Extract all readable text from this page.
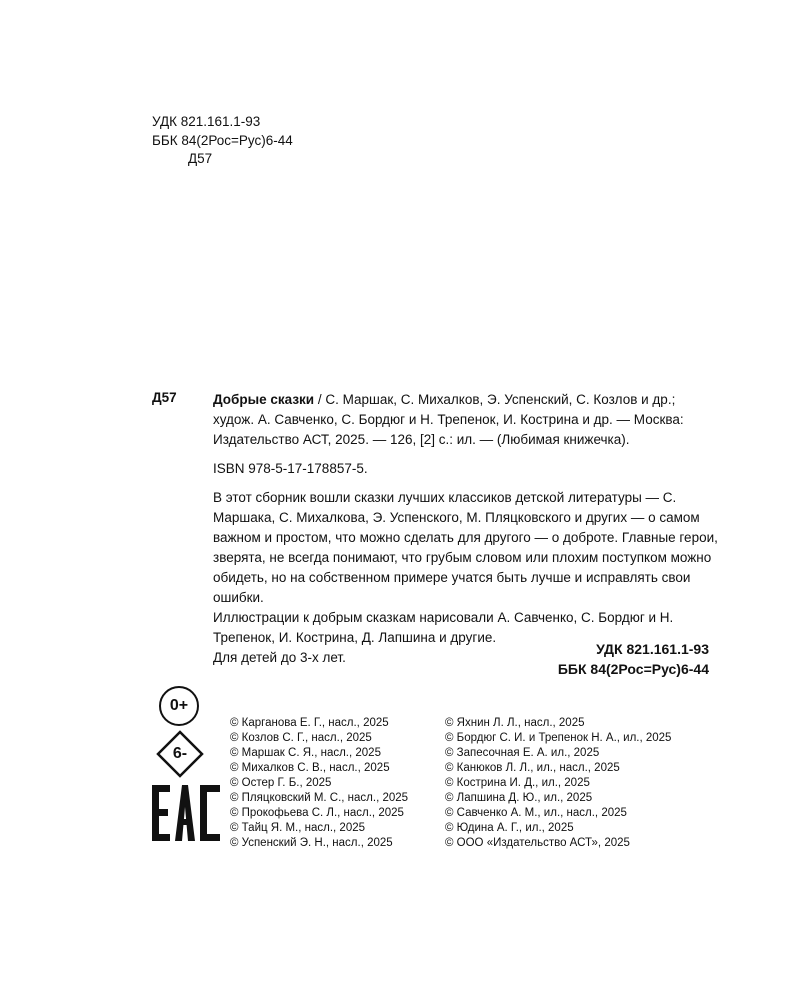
УДК 821.161.1-93
ББК 84(2Рос=Рус)6-44
Д57
Д57	Добрые сказки / С. Маршак, С. Михалков, Э. Успенский, С. Козлов и др.; худож. А. Савченко, С. Бордюг и Н. Трепенок, И. Кострина и др. — Москва: Издательство АСТ, 2025. — 126, [2] с.: ил. — (Любимая книжечка).

ISBN 978-5-17-178857-5.

В этот сборник вошли сказки лучших классиков детской литературы — С. Маршака, С. Михалкова, Э. Успенского, М. Пляцковского и других — о самом важном и простом, что можно сделать для другого — о доброте. Главные герои, зверята, не всегда понимают, что грубым словом или плохим поступком можно обидеть, но на собственном примере учатся быть лучше и исправлять свои ошибки.

Иллюстрации к добрым сказкам нарисовали А. Савченко, С. Бордюг и Н. Трепенок, И. Кострина, Д. Лапшина и другие.

Для детей до 3-х лет.

УДК 821.161.1-93
ББК 84(2Рос=Рус)6-44
0+
6-
© Карганова Е. Г., насл., 2025
© Козлов С. Г., насл., 2025
© Маршак С. Я., насл., 2025
© Михалков С. В., насл., 2025
© Остер Г. Б., 2025
© Пляцковский М. С., насл., 2025
© Прокофьева С. Л., насл., 2025
© Тайц Я. М., насл., 2025
© Успенский Э. Н., насл., 2025
© Яхнин Л. Л., насл., 2025
© Бордюг С. И. и Трепенок Н. А., ил., 2025
© Запесочная Е. А. ил., 2025
© Канюков Л. Л., ил., насл., 2025
© Кострина И. Д., ил., 2025
© Лапшина Д. Ю., ил., 2025
© Савченко А. М., ил., насл., 2025
© Юдина А. Г., ил., 2025
© ООО «Издательство АСТ», 2025
